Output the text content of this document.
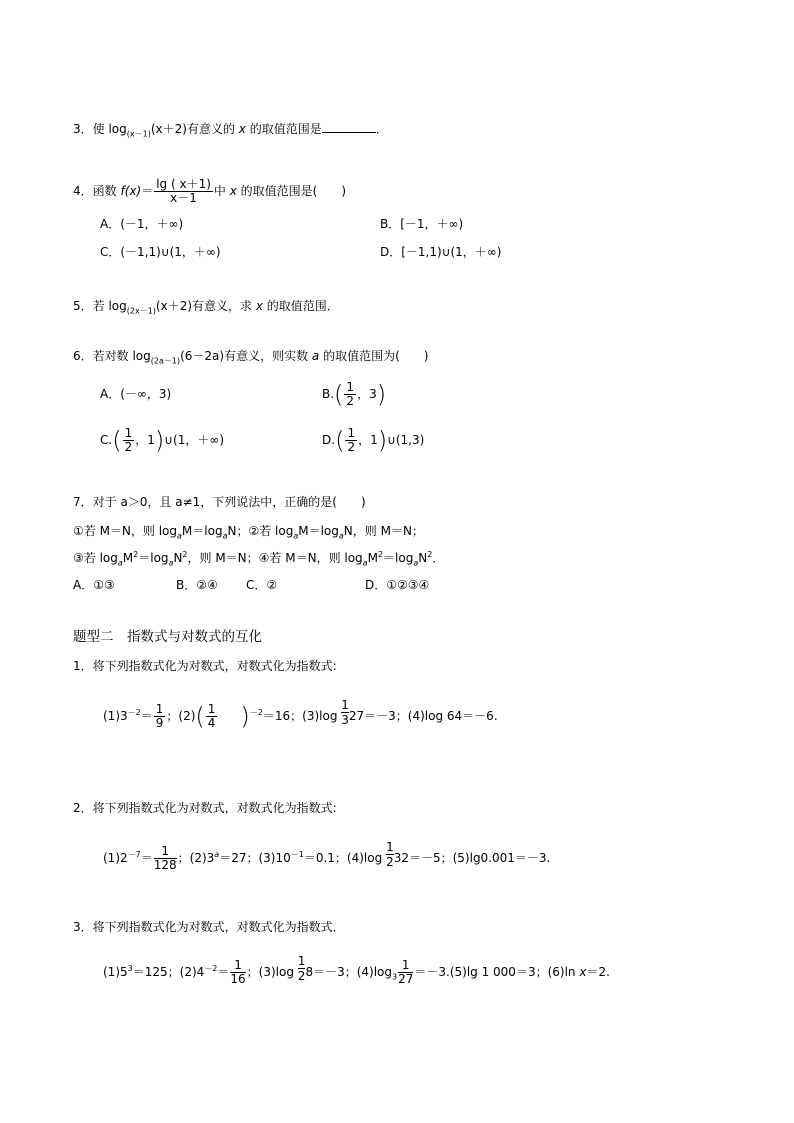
3．使 $\log_{(x-1)}(x+2)$有意义的 x 的取值范围是	．
4．函数 $f(x)= \frac{\lg ( x+1)}{x-1}$ 中 x 的取值范围是(　　)
A．(－1，＋∞)	B．[－1，＋∞)
C．(－1,1)∪(1，＋∞)	D．[－1,1)∪(1，＋∞)
5．若 $\log_{(2x-1)}(x+2)$有意义，求 x 的取值范围．
6．若对数 $\log_{(2a-1)}(6-2a)$有意义，则实数 a 的取值范围为(　　)
A．(－∞，3)	$B.( \frac{1}{2}$ ，3)
$C.( \frac{1}{2}$ ，1)∪(1，＋∞)	$D.( \frac{1}{2}$ ，1)∪(1,3)
7．对于 a＞0，且 a≠1，下列说法中，正确的是(　　)
①若 M＝N，则 $\log_aM=\log_aN$；②若 $\log_aM=\log_aN$，则 M＝N；
③若 $\log_aM^2=\log_aN^2$，则 M＝N；④若 M＝N，则 $\log_aM^2=\log_aN^2$．
A．①③	B．②④ C．②	D．①②③④
题型二　指数式与对数式的互化
1．将下列指数式化为对数式，对数式化为指数式:
$(1)3^{-2}= \frac{1}{9}$ ；$(2)( \frac{1}{4} )^{-2}=16$；$(3)\log \frac{1}{3} 27=-3$；(4)log 64＝－6.
2．将下列指数式化为对数式，对数式化为指数式:
$(1)2^{-7}= \frac{1}{128}$ ；$(2)3^a=27$；$(3)10^{-1}=0.1$；$(4)\log \frac{1}{2} 32=-5$；(5)lg0.001＝－3.
3．将下列指数式化为对数式，对数式化为指数式．
$(1)5^3=125$；$(2)4^{-2}= \frac{1}{16}$ ；$(3)\log \frac{1}{2} 8=-3$；$(4)\log_3 \frac{1}{27} =-3.(5)\lg$ 1 000＝3；(6)ln x＝2.
